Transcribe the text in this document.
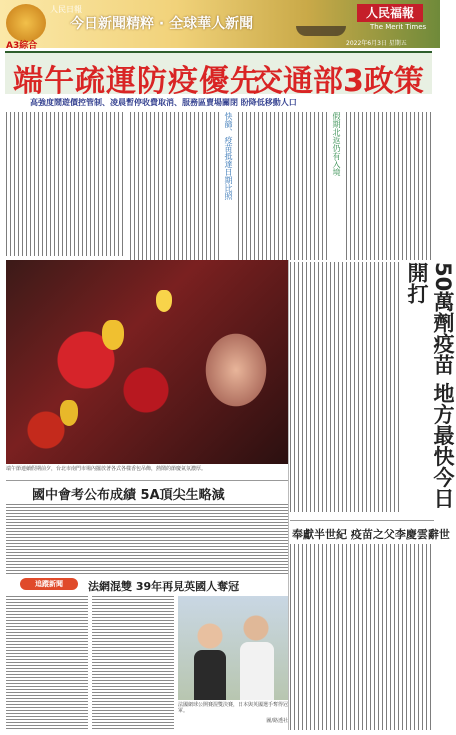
人民日報
今日新聞精粹 · 全球華人新聞
人民福報
The Merit Times
A3綜合	2022年6月3日 星期五
端午疏運防疫優先
交通部3政策
高強度鬧遊價控管制、凌晨暫停收費取消、服務區賣場關閉 盼降低移動人口
快篩、疫苗抵達日期比照	假期北返仍有入境
端午節連續假期前夕，台北市南門市場內擺放著各式各樣香包吊飾，熱鬧的節慶氣氛濃厚。	50萬劑疫苗 地方最快今日開打
國中會考公布成績 5A頂尖生略減
奉獻半世紀 疫苗之父李慶雲辭世
追蹤新聞	法網混雙 39年再見英國人奪冠
法國網球公開賽混雙決賽，日本與英國選手奪得冠軍。
圖/路透社
